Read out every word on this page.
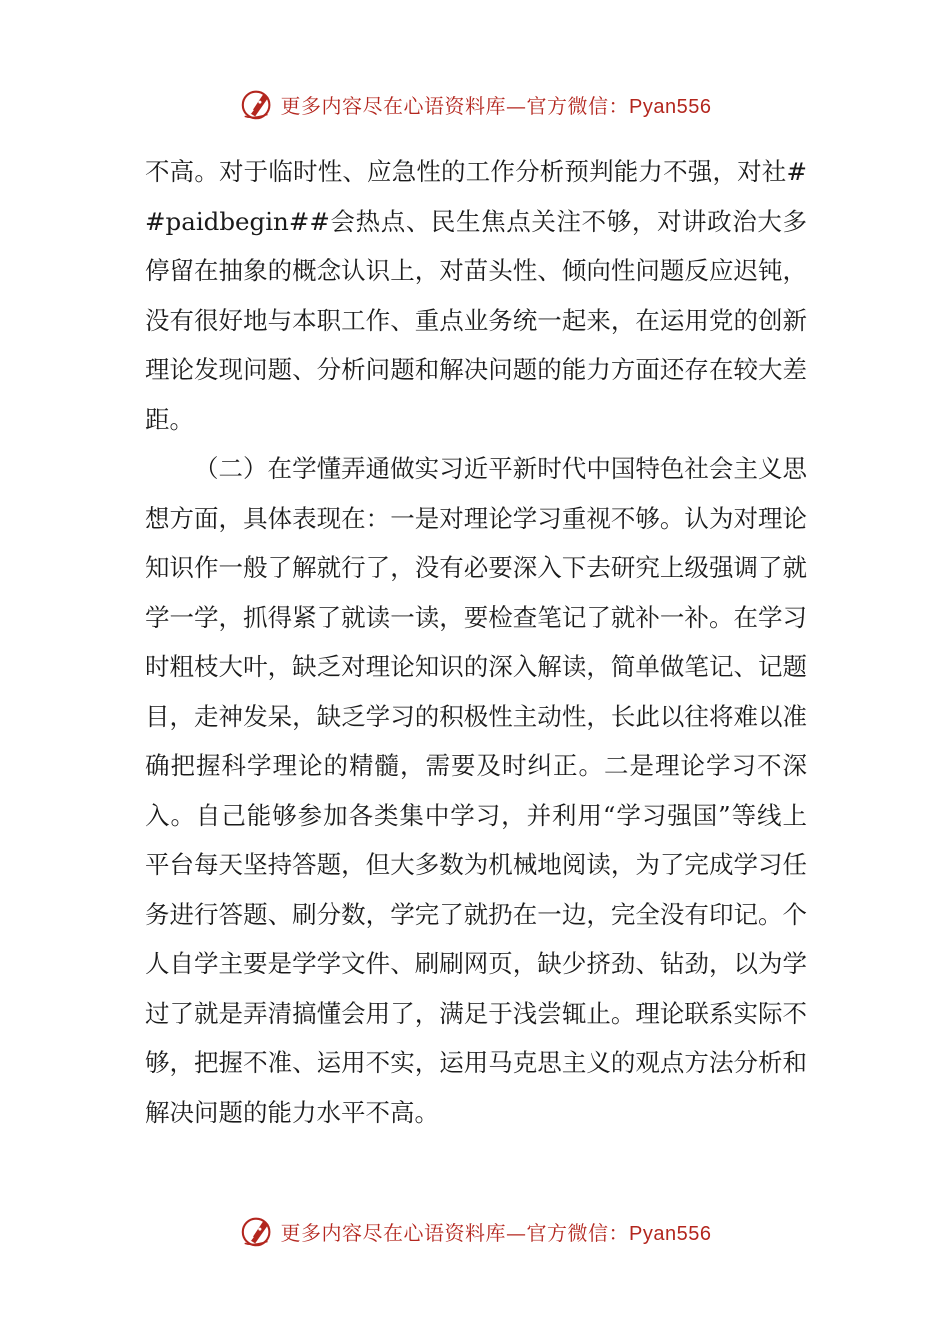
更多内容尽在心语资料库—官方微信：Pyan556

不高。对于临时性、应急性的工作分析预判能力不强，对社##paidbegin##会热点、民生焦点关注不够，对讲政治大多停留在抽象的概念认识上，对苗头性、倾向性问题反应迟钝，没有很好地与本职工作、重点业务统一起来，在运用党的创新理论发现问题、分析问题和解决问题的能力方面还存在较大差距。

（二）在学懂弄通做实习近平新时代中国特色社会主义思想方面，具体表现在：一是对理论学习重视不够。认为对理论知识作一般了解就行了，没有必要深入下去研究上级强调了就学一学，抓得紧了就读一读，要检查笔记了就补一补。在学习时粗枝大叶，缺乏对理论知识的深入解读，简单做笔记、记题目，走神发呆，缺乏学习的积极性主动性，长此以往将难以准确把握科学理论的精髓，需要及时纠正。二是理论学习不深入。自己能够参加各类集中学习，并利用“学习强国”等线上平台每天坚持答题，但大多数为机械地阅读，为了完成学习任务进行答题、刷分数，学完了就扔在一边，完全没有印记。个人自学主要是学学文件、刷刷网页，缺少挤劲、钻劲，以为学过了就是弄清搞懂会用了，满足于浅尝辄止。理论联系实际不够，把握不准、运用不实，运用马克思主义的观点方法分析和解决问题的能力水平不高。

更多内容尽在心语资料库—官方微信：Pyan556
